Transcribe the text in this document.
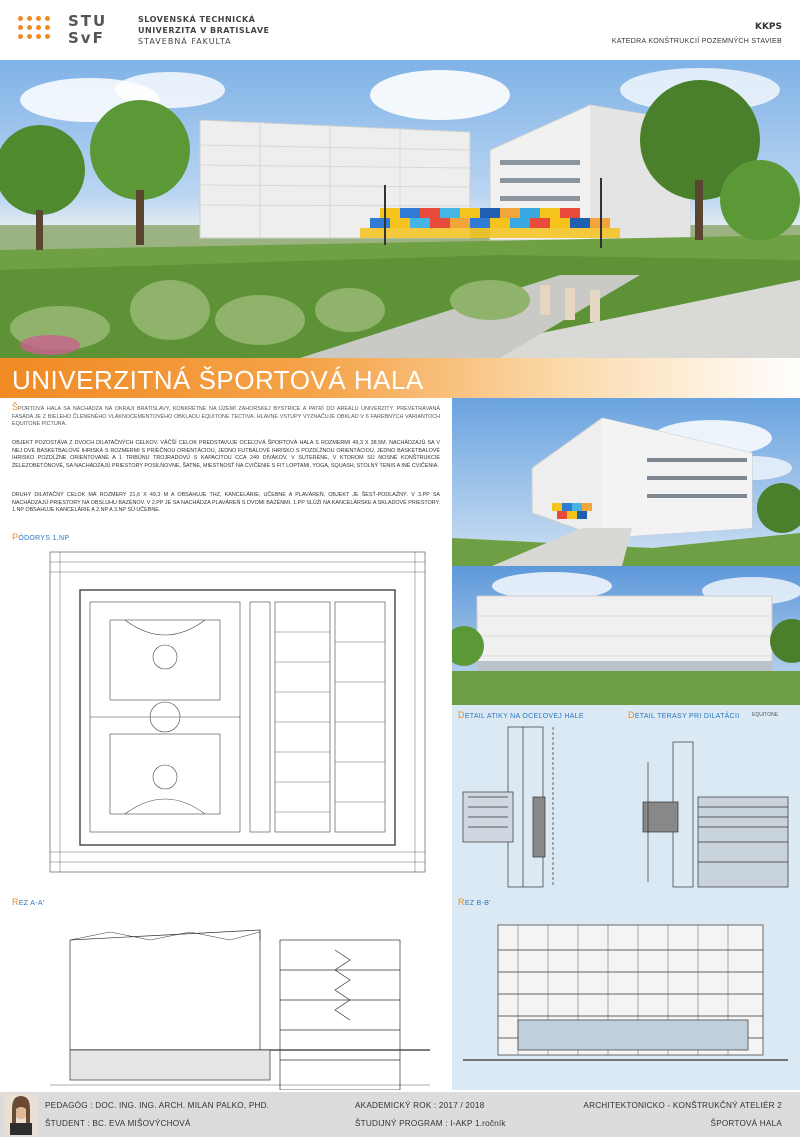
STU
SvF
SLOVENSKÁ TECHNICKÁ
UNIVERZITA V BRATISLAVE
STAVEBNÁ FAKULTA
KKPS
KATEDRA KONŠTRUKCIÍ POZEMNÝCH STAVIEB
UNIVERZITNÁ ŠPORTOVÁ HALA
ŠPORTOVÁ HALA SA NACHÁDZA NA OKRAJI BRATISLAVY, KONKRÉTNE NA ÚZEMÍ ZÁHORSKEJ BYSTRICE A PATRÍ DO AREÁLU UNIVERZITY. PREVETRÁVANÁ FASÁDA JE Z BIELEHO ČLENENÉHO VLÁKNOCEMENTOVÉHO OBKLADU EQUITONE TECTIVA. HLAVNÉ VSTUPY VYZNAČUJE OBKLAD V 6 FAREBNÝCH VARIANTOCH EQUITONE PICTURA.
OBJEKT POZOSTÁVA Z DVOCH DILATAČNÝCH CELKOV. VÄČŠÍ CELOK PREDSTAVUJE OCEĽOVÁ ŠPORTOVÁ HALA S ROZMERMI 49,3 X 38,5M. NACHÁDZAJÚ SA V NEJ DVE BASKETBALOVÉ IHRISKÁ S ROZMERMI S PRIEČNOU ORIENTÁCIOU, JEDNO FUTBALOVÉ IHRISKO S POZDĹŽNOU ORIENTÁCIOU, JEDNO BASKETBALOVÉ IHRISKO POZDĹŽNE ORIENTOVANÉ A 1 TRIBÚNU TROJRADOVÚ S KAPACITOU CCA 249 DIVÁKOV. V SUTERÉNE, V KTOROM SÚ NOSNÉ KONŠTRUKCIE ŽELEZOBETÓNOVÉ, SA NACHÁDZAJÚ PRIESTORY POSILŇOVNE, ŠATNE, MIESTNOSŤ NA CVIČENIE S FIT LOPTAMI, YOGA, SQUASH, STOLNÝ TENIS A INÉ CVIČENIA.
DRUHÝ DILATAČNÝ CELOK MÁ ROZMERY 21,6 X 49,3 M A OBSAHUJE THZ, KANCELÁRIE, UČEBNE A PLAVÁREŇ. OBJEKT JE ŠESŤ-PODLAŽNÝ. V 3.PP SA NACHÁDZAJÚ PRIESTORY NA OBSLUHU BAZÉNOV. V 2.PP JE SA NACHÁDZA PLAVÁREŇ S DVOMI BAZÉNMI. 1.PP SLÚŽI NA KANCELÁRSKE A SKLADOVÉ PRIESTORY. 1.NP OBSAHUJE KANCELÁRIE A 2.NP A 3.NP SÚ UČEBNE.
PÔDORYS 1.NP
DETAIL ATIKY NA OCEĽOVEJ HALE	DETAIL TERASY PRI DILATÁCII	EQUITONE
REZ A-A'	REZ B-B'
PEDAGÓG : DOC. ING. ING. ARCH. MILAN PALKO, PHD.
ŠTUDENT : BC. EVA MIŠOVÝCHOVÁ
AKADEMICKÝ ROK : 2017 / 2018
ŠTUDIJNÝ PROGRAM : I-AKP 1.ročník
ARCHITEKTONICKO - KONŠTRUKČNÝ ATELIÉR 2
ŠPORTOVÁ HALA
